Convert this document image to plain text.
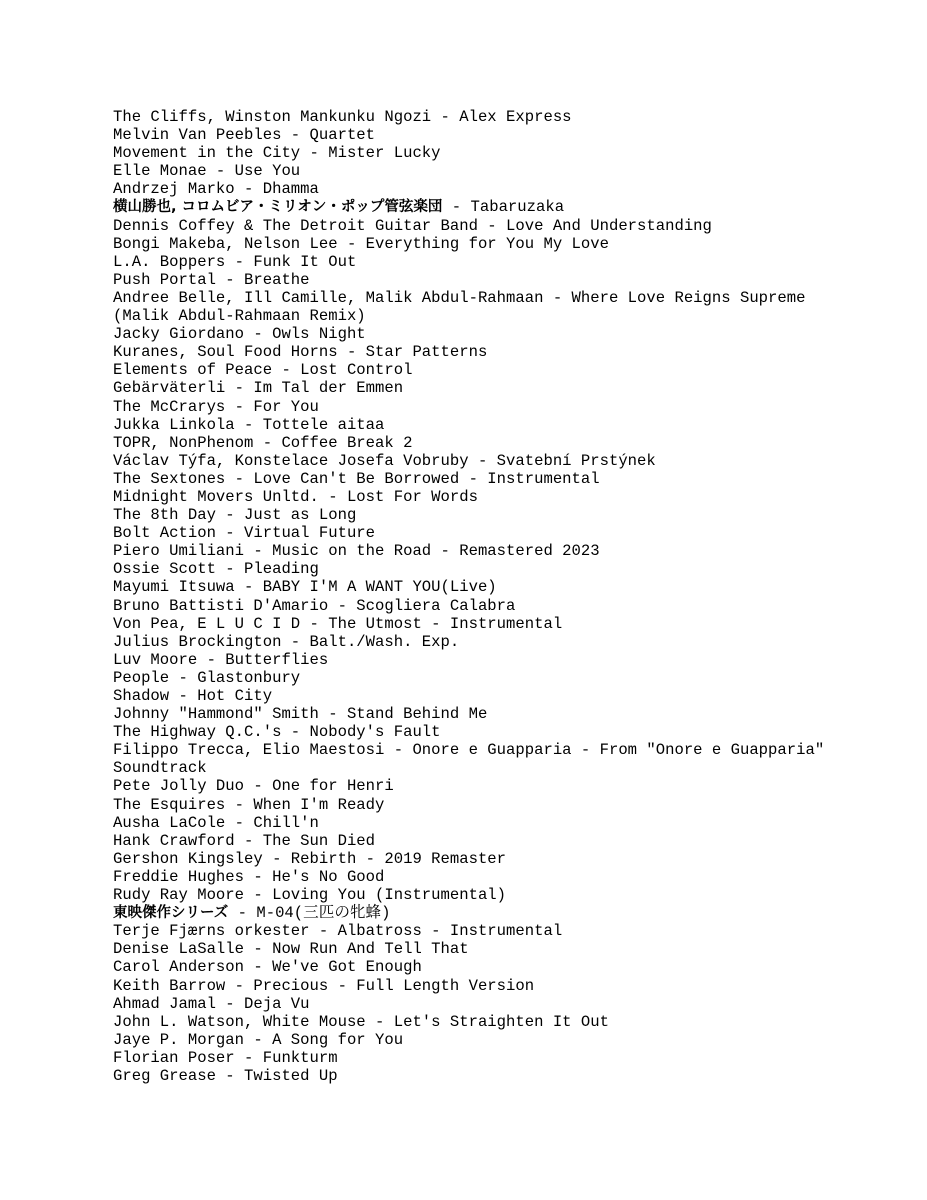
The Cliffs, Winston Mankunku Ngozi - Alex Express
Melvin Van Peebles - Quartet
Movement in the City - Mister Lucky
Elle Monae - Use You
Andrzej Marko - Dhamma
横山勝也, コロムビア・ミリオン・ポップ管弦楽団 - Tabaruzaka
Dennis Coffey & The Detroit Guitar Band - Love And Understanding
Bongi Makeba, Nelson Lee - Everything for You My Love
L.A. Boppers - Funk It Out
Push Portal - Breathe
Andree Belle, Ill Camille, Malik Abdul-Rahmaan - Where Love Reigns Supreme (Malik Abdul-Rahmaan Remix)
Jacky Giordano - Owls Night
Kuranes, Soul Food Horns - Star Patterns
Elements of Peace - Lost Control
Gebärväterli - Im Tal der Emmen
The McCrarys - For You
Jukka Linkola - Tottele aitaa
TOPR, NonPhenom - Coffee Break 2
Václav Týfa, Konstelace Josefa Vobruby - Svatební Prstýnek
The Sextones - Love Can't Be Borrowed - Instrumental
Midnight Movers Unltd. - Lost For Words
The 8th Day - Just as Long
Bolt Action - Virtual Future
Piero Umiliani - Music on the Road - Remastered 2023
Ossie Scott - Pleading
Mayumi Itsuwa - BABY I'M A WANT YOU(Live)
Bruno Battisti D'Amario - Scogliera Calabra
Von Pea, E L U C I D - The Utmost - Instrumental
Julius Brockington - Balt./Wash. Exp.
Luv Moore - Butterflies
People - Glastonbury
Shadow - Hot City
Johnny "Hammond" Smith - Stand Behind Me
The Highway Q.C.'s - Nobody's Fault
Filippo Trecca, Elio Maestosi - Onore e Guapparia - From "Onore e Guapparia" Soundtrack
Pete Jolly Duo - One for Henri
The Esquires - When I'm Ready
Ausha LaCole - Chill'n
Hank Crawford - The Sun Died
Gershon Kingsley - Rebirth - 2019 Remaster
Freddie Hughes - He's No Good
Rudy Ray Moore - Loving You (Instrumental)
東映傑作シリーズ - M-04(三匹の牝蜂)
Terje Fjærns orkester - Albatross - Instrumental
Denise LaSalle - Now Run And Tell That
Carol Anderson - We've Got Enough
Keith Barrow - Precious - Full Length Version
Ahmad Jamal - Deja Vu
John L. Watson, White Mouse - Let's Straighten It Out
Jaye P. Morgan - A Song for You
Florian Poser - Funkturm
Greg Grease - Twisted Up
